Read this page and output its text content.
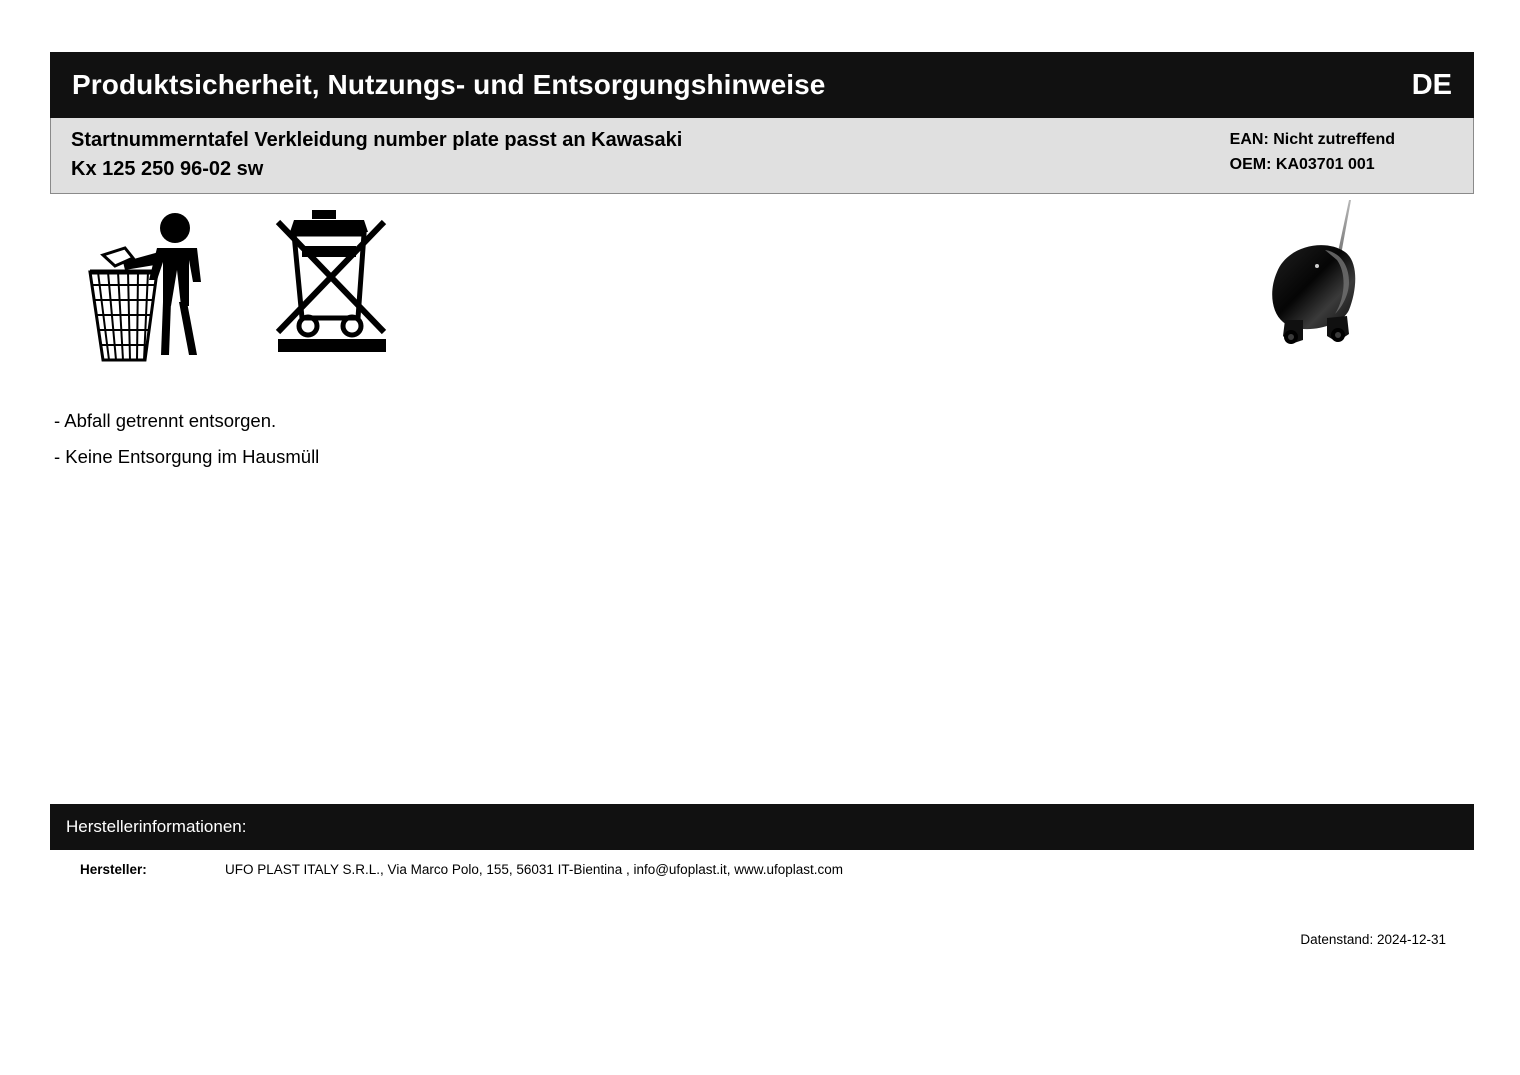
Produktsicherheit, Nutzungs- und Entsorgungshinweise	DE
Startnummerntafel Verkleidung number plate passt an Kawasaki
Kx 125 250 96-02 sw
EAN: Nicht zutreffend
OEM: KA03701 001
- Abfall getrennt entsorgen.
- Keine Entsorgung im Hausmüll
Herstellerinformationen:
Hersteller:	UFO PLAST ITALY S.R.L., Via Marco Polo, 155, 56031 IT-Bientina , info@ufoplast.it, www.ufoplast.com
Datenstand: 2024-12-31
